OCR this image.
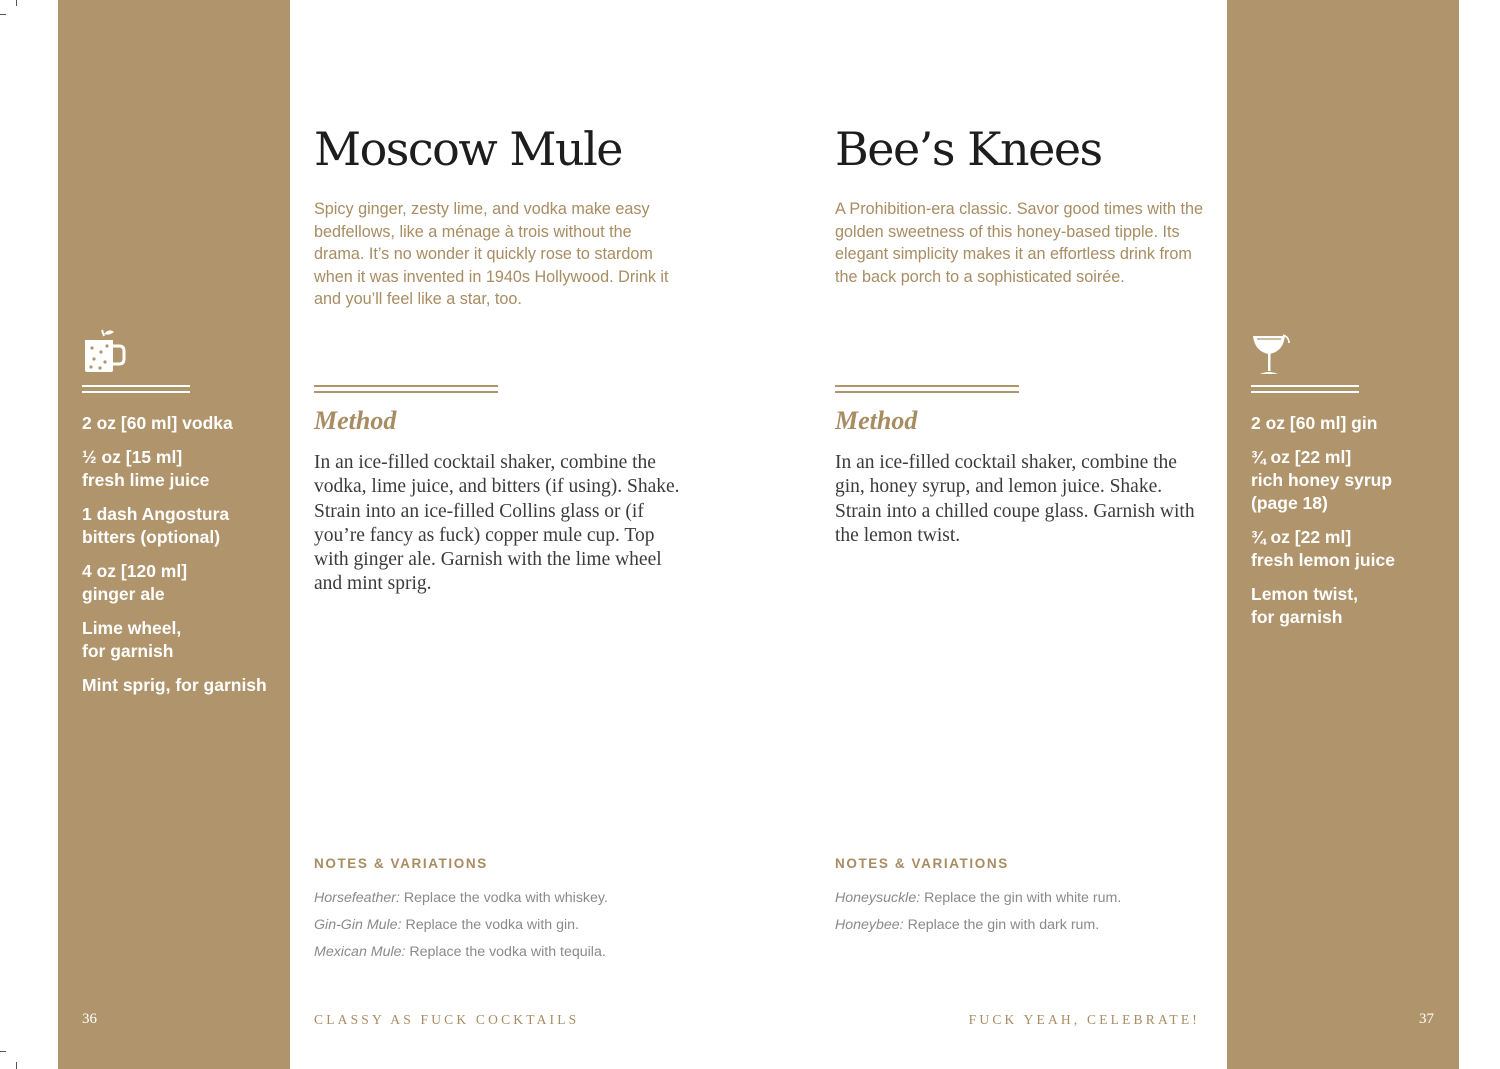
2 oz [60 ml] vodka
½ oz [15 ml]
fresh lime juice
1 dash Angostura
bitters (optional)
4 oz [120 ml]
ginger ale
Lime wheel,
for garnish
Mint sprig, for garnish
36
Moscow Mule

Spicy ginger, zesty lime, and vodka make easy bedfellows, like a ménage à trois without the drama. It’s no wonder it quickly rose to stardom when it was invented in 1940s Hollywood. Drink it and you’ll feel like a star, too.

Method

In an ice-filled cocktail shaker, combine the vodka, lime juice, and bitters (if using). Shake. Strain into an ice-filled Collins glass or (if you’re fancy as fuck) copper mule cup. Top with ginger ale. Garnish with the lime wheel and mint sprig.

NOTES & VARIATIONS
Horsefeather: Replace the vodka with whiskey.
Gin-Gin Mule: Replace the vodka with gin.
Mexican Mule: Replace the vodka with tequila.
CLASSY AS FUCK COCKTAILS
Bee’s Knees

A Prohibition-era classic. Savor good times with the golden sweetness of this honey-based tipple. Its elegant simplicity makes it an effortless drink from the back porch to a sophisticated soirée.

Method

In an ice-filled cocktail shaker, combine the gin, honey syrup, and lemon juice. Shake. Strain into a chilled coupe glass. Garnish with the lemon twist.

NOTES & VARIATIONS
Honeysuckle: Replace the gin with white rum.
Honeybee: Replace the gin with dark rum.
FUCK YEAH, CELEBRATE!
2 oz [60 ml] gin
¾ oz [22 ml]
rich honey syrup
(page 18)
¾ oz [22 ml]
fresh lemon juice
Lemon twist,
for garnish
37
